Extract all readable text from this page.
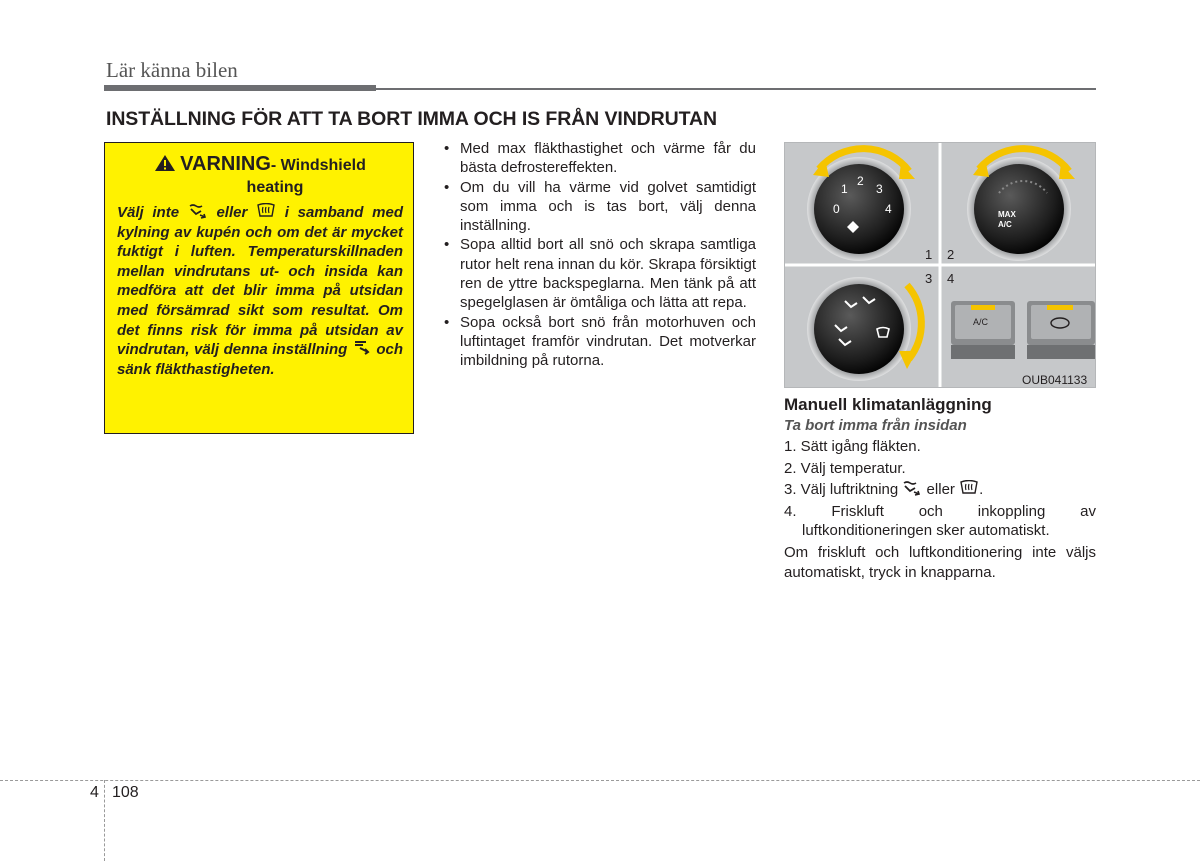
Lär känna bilen
INSTÄLLNING FÖR ATT TA BORT IMMA OCH IS FRÅN VINDRUTAN
VARNING- Windshield
heating

Välj inte  eller  i samband med kylning av kupén och om det är mycket fuktigt i luften. Temperaturskillnaden mellan vindrutans ut- och insida kan medföra att det blir imma på utsidan med försämrad sikt som resultat. Om det finns risk för imma på utsidan av vindrutan, välj denna inställning  och sänk fläkthastigheten.

• Med max fläkthastighet och värme får du bästa defrostereffekten.
• Om du vill ha värme vid golvet samtidigt som imma och is tas bort, välj denna inställning.
• Sopa alltid bort all snö och skrapa samtliga rutor helt rena innan du kör. Skrapa försiktigt ren de yttre backspeglarna. Men tänk på att spegelglasen är ömtåliga och lätta att repa.
• Sopa också bort snö från motorhuven och luftintaget framför vindrutan. Det motverkar imbildning på rutorna.
0
1
2
3
4	MAX
A/C
1 2
3 4
A/C
OUB041133
Manuell klimatanläggning
Ta bort imma från insidan
1. Sätt igång fläkten.
2. Välj temperatur.
3. Välj luftriktning  eller .
4. Friskluft och inkoppling av luftkonditioneringen sker automatiskt.
Om friskluft och luftkonditionering inte väljs automatiskt, tryck in knapparna.
4 108
